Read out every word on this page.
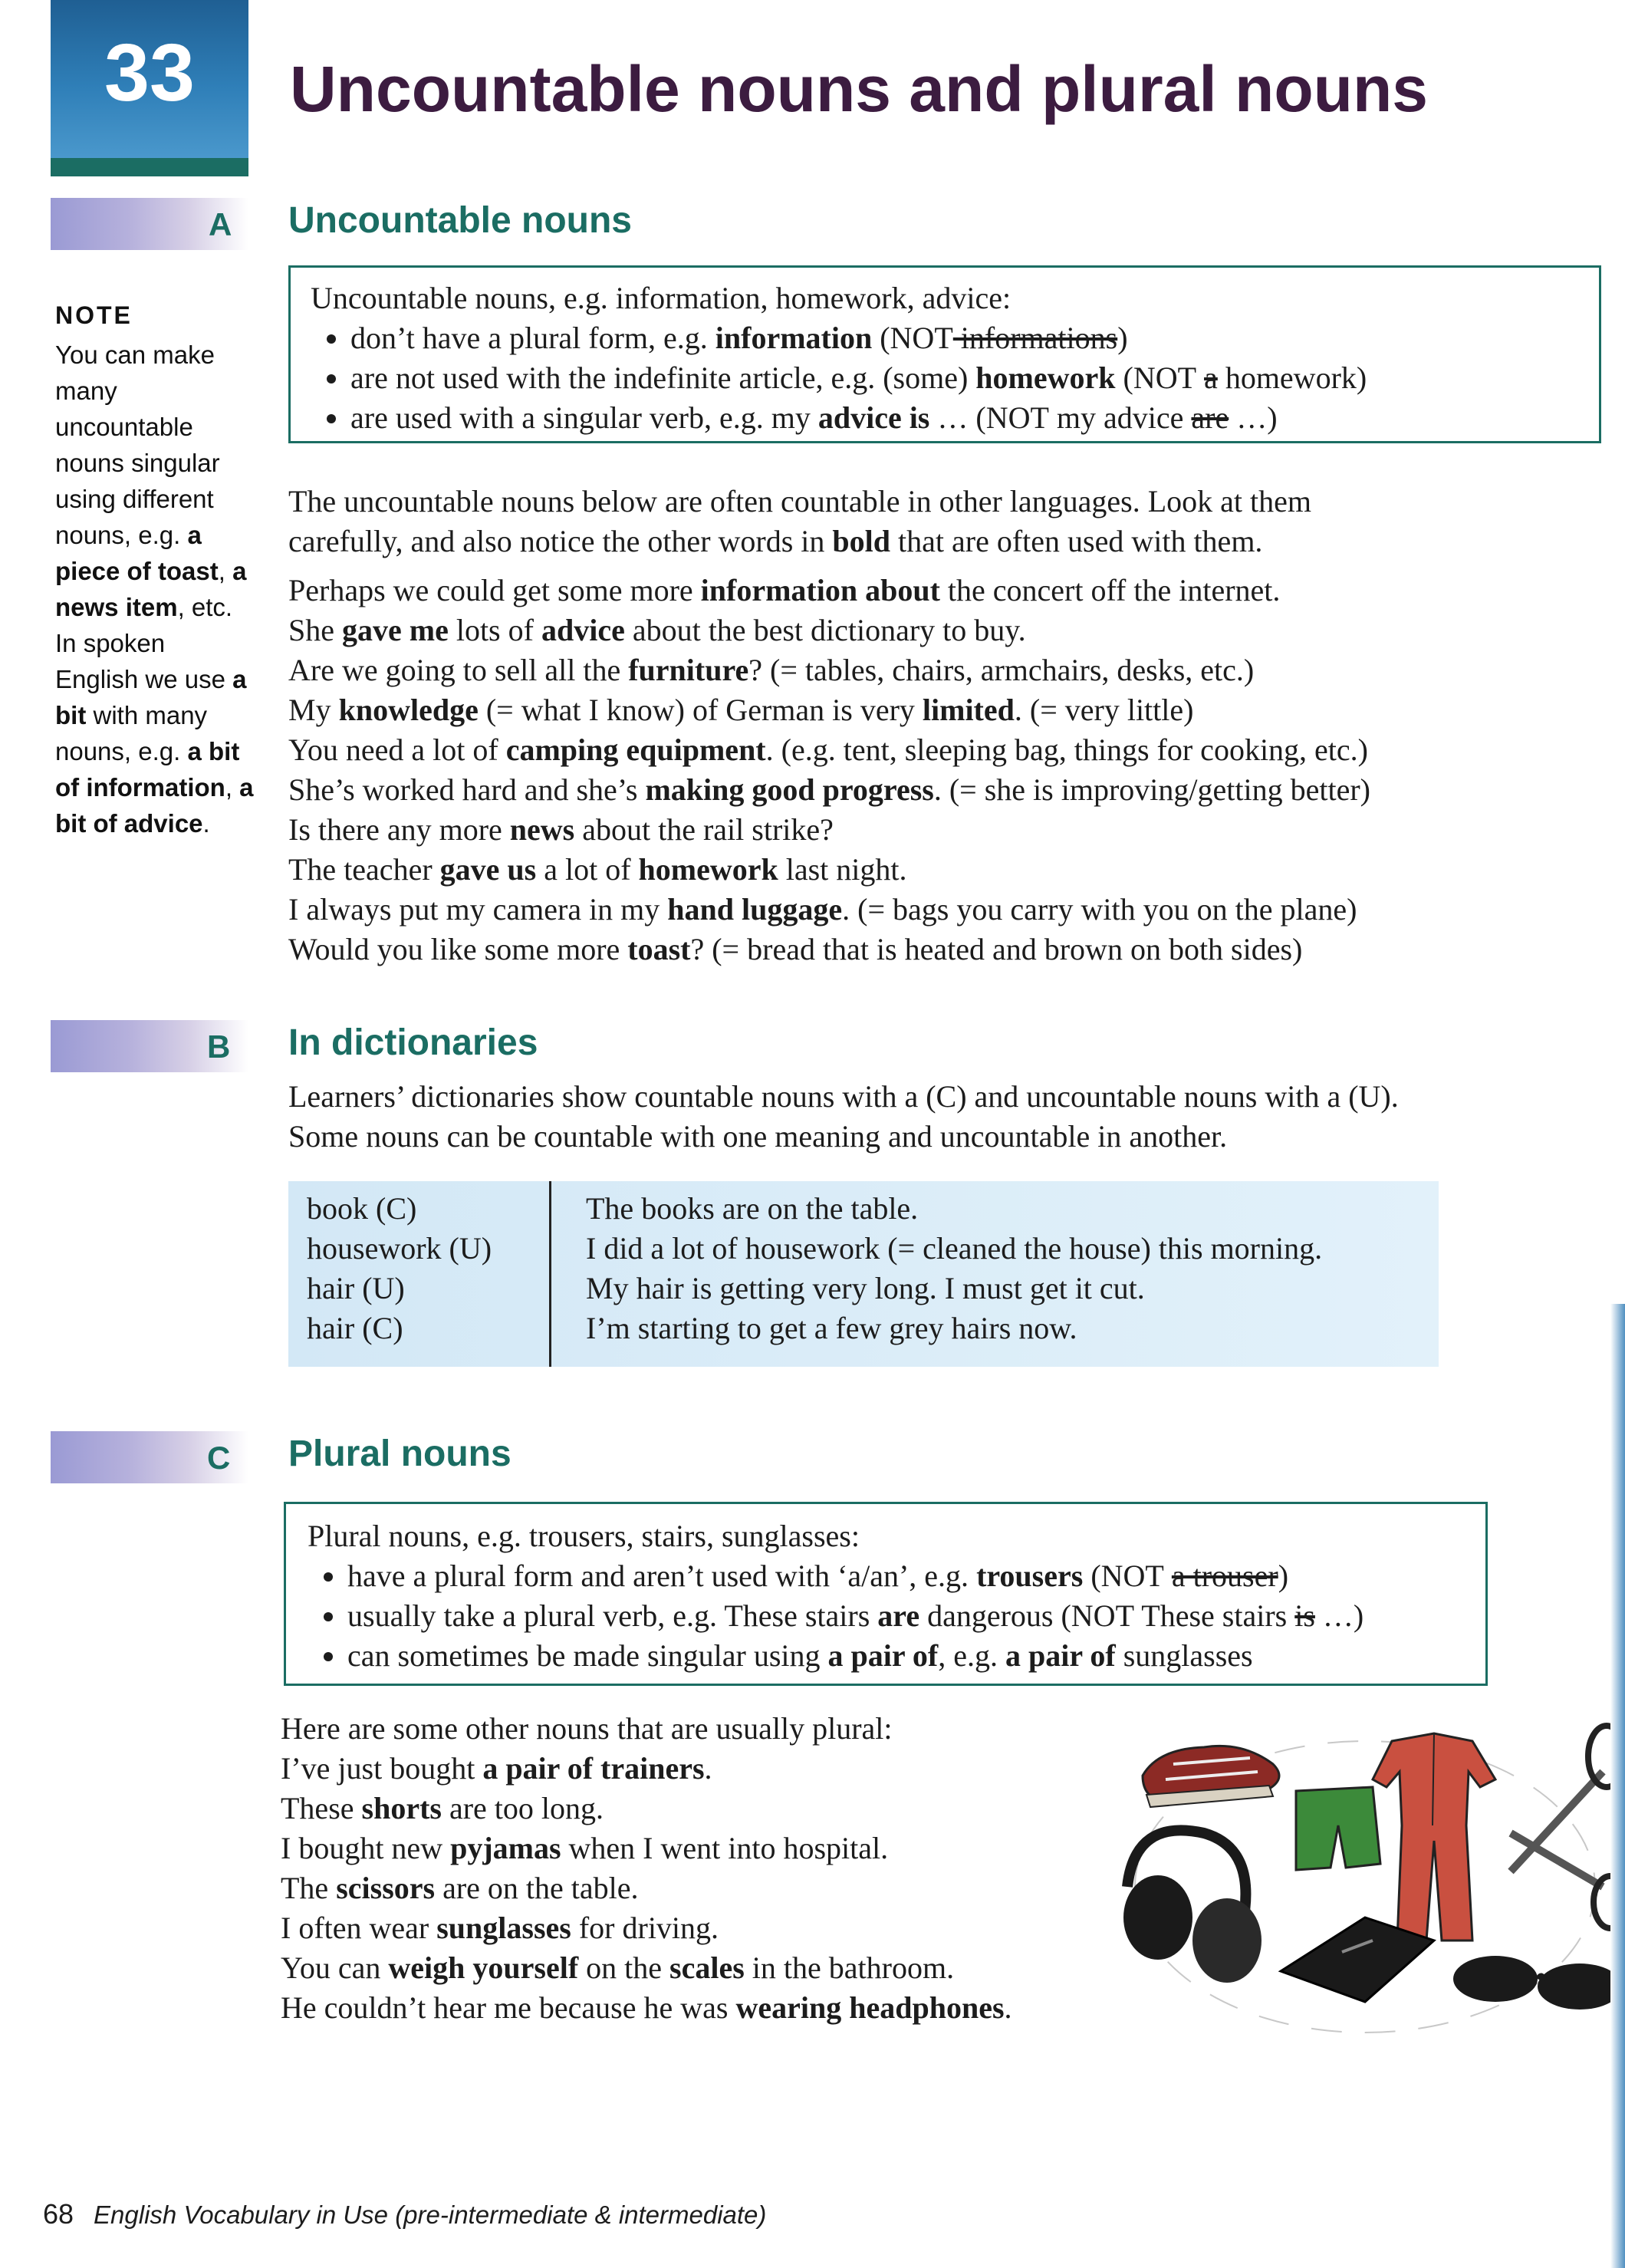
33	Uncountable nouns and plural nouns
NOTE
You can make many uncountable nouns singular using different nouns, e.g. a piece of toast, a news item, etc. In spoken English we use a bit with many nouns, e.g. a bit of information, a bit of advice.
A Uncountable nouns
Uncountable nouns, e.g. information, homework, advice:
• don’t have a plural form, e.g. information (NOT informations)
• are not used with the indefinite article, e.g. (some) homework (NOT a homework)
• are used with a singular verb, e.g. my advice is … (NOT my advice are …)
The uncountable nouns below are often countable in other languages. Look at them
carefully, and also notice the other words in bold that are often used with them.
Perhaps we could get some more information about the concert off the internet.
She gave me lots of advice about the best dictionary to buy.
Are we going to sell all the furniture? (= tables, chairs, armchairs, desks, etc.)
My knowledge (= what I know) of German is very limited. (= very little)
You need a lot of camping equipment. (e.g. tent, sleeping bag, things for cooking, etc.)
She’s worked hard and she’s making good progress. (= she is improving/getting better)
Is there any more news about the rail strike?
The teacher gave us a lot of homework last night.
I always put my camera in my hand luggage. (= bags you carry with you on the plane)
Would you like some more toast? (= bread that is heated and brown on both sides)
B In dictionaries
Learners’ dictionaries show countable nouns with a (C) and uncountable nouns with a (U).
Some nouns can be countable with one meaning and uncountable in another.
book (C)
housework (U)
hair (U)
hair (C)
The books are on the table.
I did a lot of housework (= cleaned the house) this morning.
My hair is getting very long. I must get it cut.
I’m starting to get a few grey hairs now.
C Plural nouns
Plural nouns, e.g. trousers, stairs, sunglasses:
• have a plural form and aren’t used with ‘a/an’, e.g. trousers (NOT a trouser)
• usually take a plural verb, e.g. These stairs are dangerous (NOT These stairs is …)
• can sometimes be made singular using a pair of, e.g. a pair of sunglasses
Here are some other nouns that are usually plural:
I’ve just bought a pair of trainers.
These shorts are too long.
I bought new pyjamas when I went into hospital.
The scissors are on the table.
I often wear sunglasses for driving.
You can weigh yourself on the scales in the bathroom.
He couldn’t hear me because he was wearing headphones.
68 English Vocabulary in Use (pre-intermediate & intermediate)
